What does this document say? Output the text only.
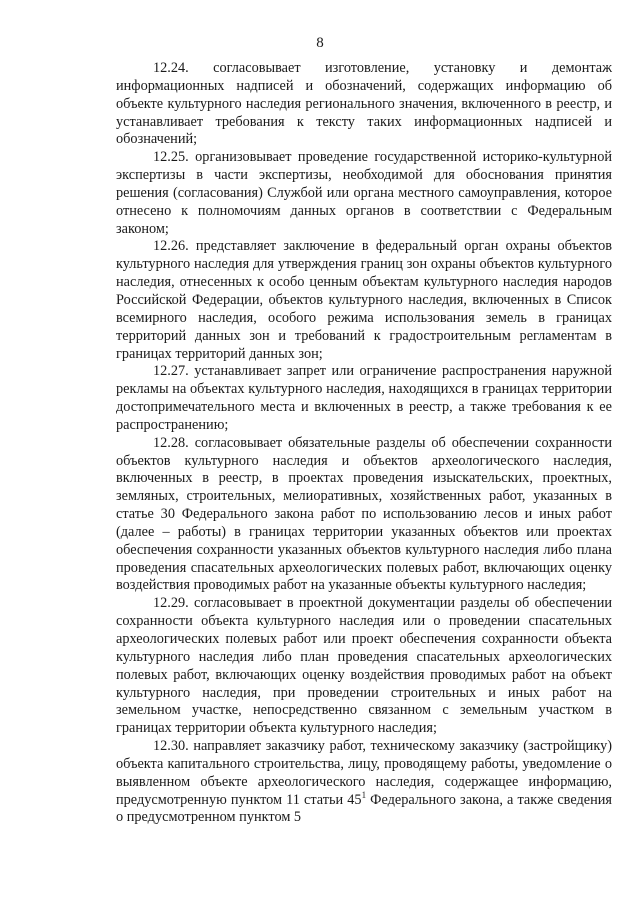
8

12.24. согласовывает изготовление, установку и демонтаж информационных надписей и обозначений, содержащих информацию об объекте культурного наследия регионального значения, включенного в реестр, и устанавливает требования к тексту таких информационных надписей и обозначений;

12.25. организовывает проведение государственной историко-культурной экспертизы в части экспертизы, необходимой для обоснования принятия решения (согласования) Службой или органа местного самоуправления, которое отнесено к полномочиям данных органов в соответствии с Федеральным законом;

12.26. представляет заключение в федеральный орган охраны объектов культурного наследия для утверждения границ зон охраны объектов культурного наследия, отнесенных к особо ценным объектам культурного наследия народов Российской Федерации, объектов культурного наследия, включенных в Список всемирного наследия, особого режима использования земель в границах территорий данных зон и требований к градостроительным регламентам в границах территорий данных зон;

12.27. устанавливает запрет или ограничение распространения наружной рекламы на объектах культурного наследия, находящихся в границах территории достопримечательного места и включенных в реестр, а также требования к ее распространению;

12.28. согласовывает обязательные разделы об обеспечении сохранности объектов культурного наследия и объектов археологического наследия, включенных в реестр, в проектах проведения изыскательских, проектных, земляных, строительных, мелиоративных, хозяйственных работ, указанных в статье 30 Федерального закона работ по использованию лесов и иных работ (далее – работы) в границах территории указанных объектов или проектах обеспечения сохранности указанных объектов культурного наследия либо плана проведения спасательных археологических полевых работ, включающих оценку воздействия проводимых работ на указанные объекты культурного наследия;

12.29. согласовывает в проектной документации разделы об обеспечении сохранности объекта культурного наследия или о проведении спасательных археологических полевых работ или проект обеспечения сохранности объекта культурного наследия либо план проведения спасательных археологических полевых работ, включающих оценку воздействия проводимых работ на объект культурного наследия, при проведении строительных и иных работ на земельном участке, непосредственно связанном с земельным участком в границах территории объекта культурного наследия;

12.30. направляет заказчику работ, техническому заказчику (застройщику) объекта капитального строительства, лицу, проводящему работы, уведомление о выявленном объекте археологического наследия, содержащее информацию, предусмотренную пунктом 11 статьи $45^1$ Федерального закона, а также сведения о предусмотренном пунктом 5
